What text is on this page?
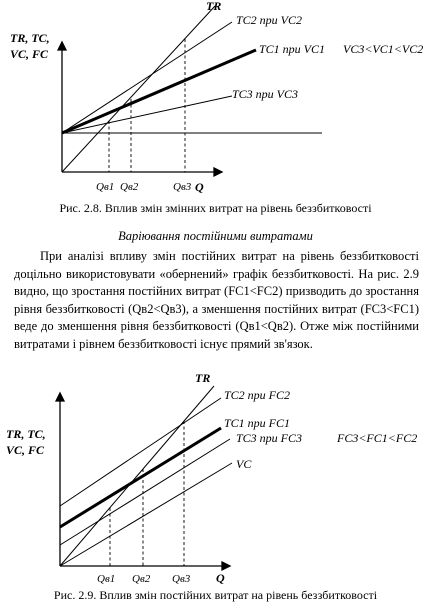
TR
TC2 при VC2
TC1 при VC1
TC3 при VC3
VC3<VC1<VC2
TR, TC,
VC, FC
Q
Qв1 Qв2	Qв3
Рис. 2.8. Вплив змін змінних витрат на рівень беззбитковості
Варіювання постійними витратами
При аналізі впливу змін постійних витрат на рівень беззбитковості доцільно використовувати «обернений» графік беззбитковості. На рис. 2.9 видно, що зростання постійних витрат (FC1<FC2) призводить до зростання рівня беззбитковості (Qв2<Qв3), а зменшення постійних витрат (FC3<FC1) веде до зменшення рівня беззбитковості (Qв1<Qв2). Отже між постійними витратами і рівнем беззбитковості існує прямий зв'язок.
TR
TC2 при FC2
TC1 при FC1
TC3 при FC3
VC
FC3<FC1<FC2
TR, TC,
VC, FC
Q
Qв1 Qв2 Qв3
Рис. 2.9. Вплив змін постійних витрат на рівень беззбитковості
